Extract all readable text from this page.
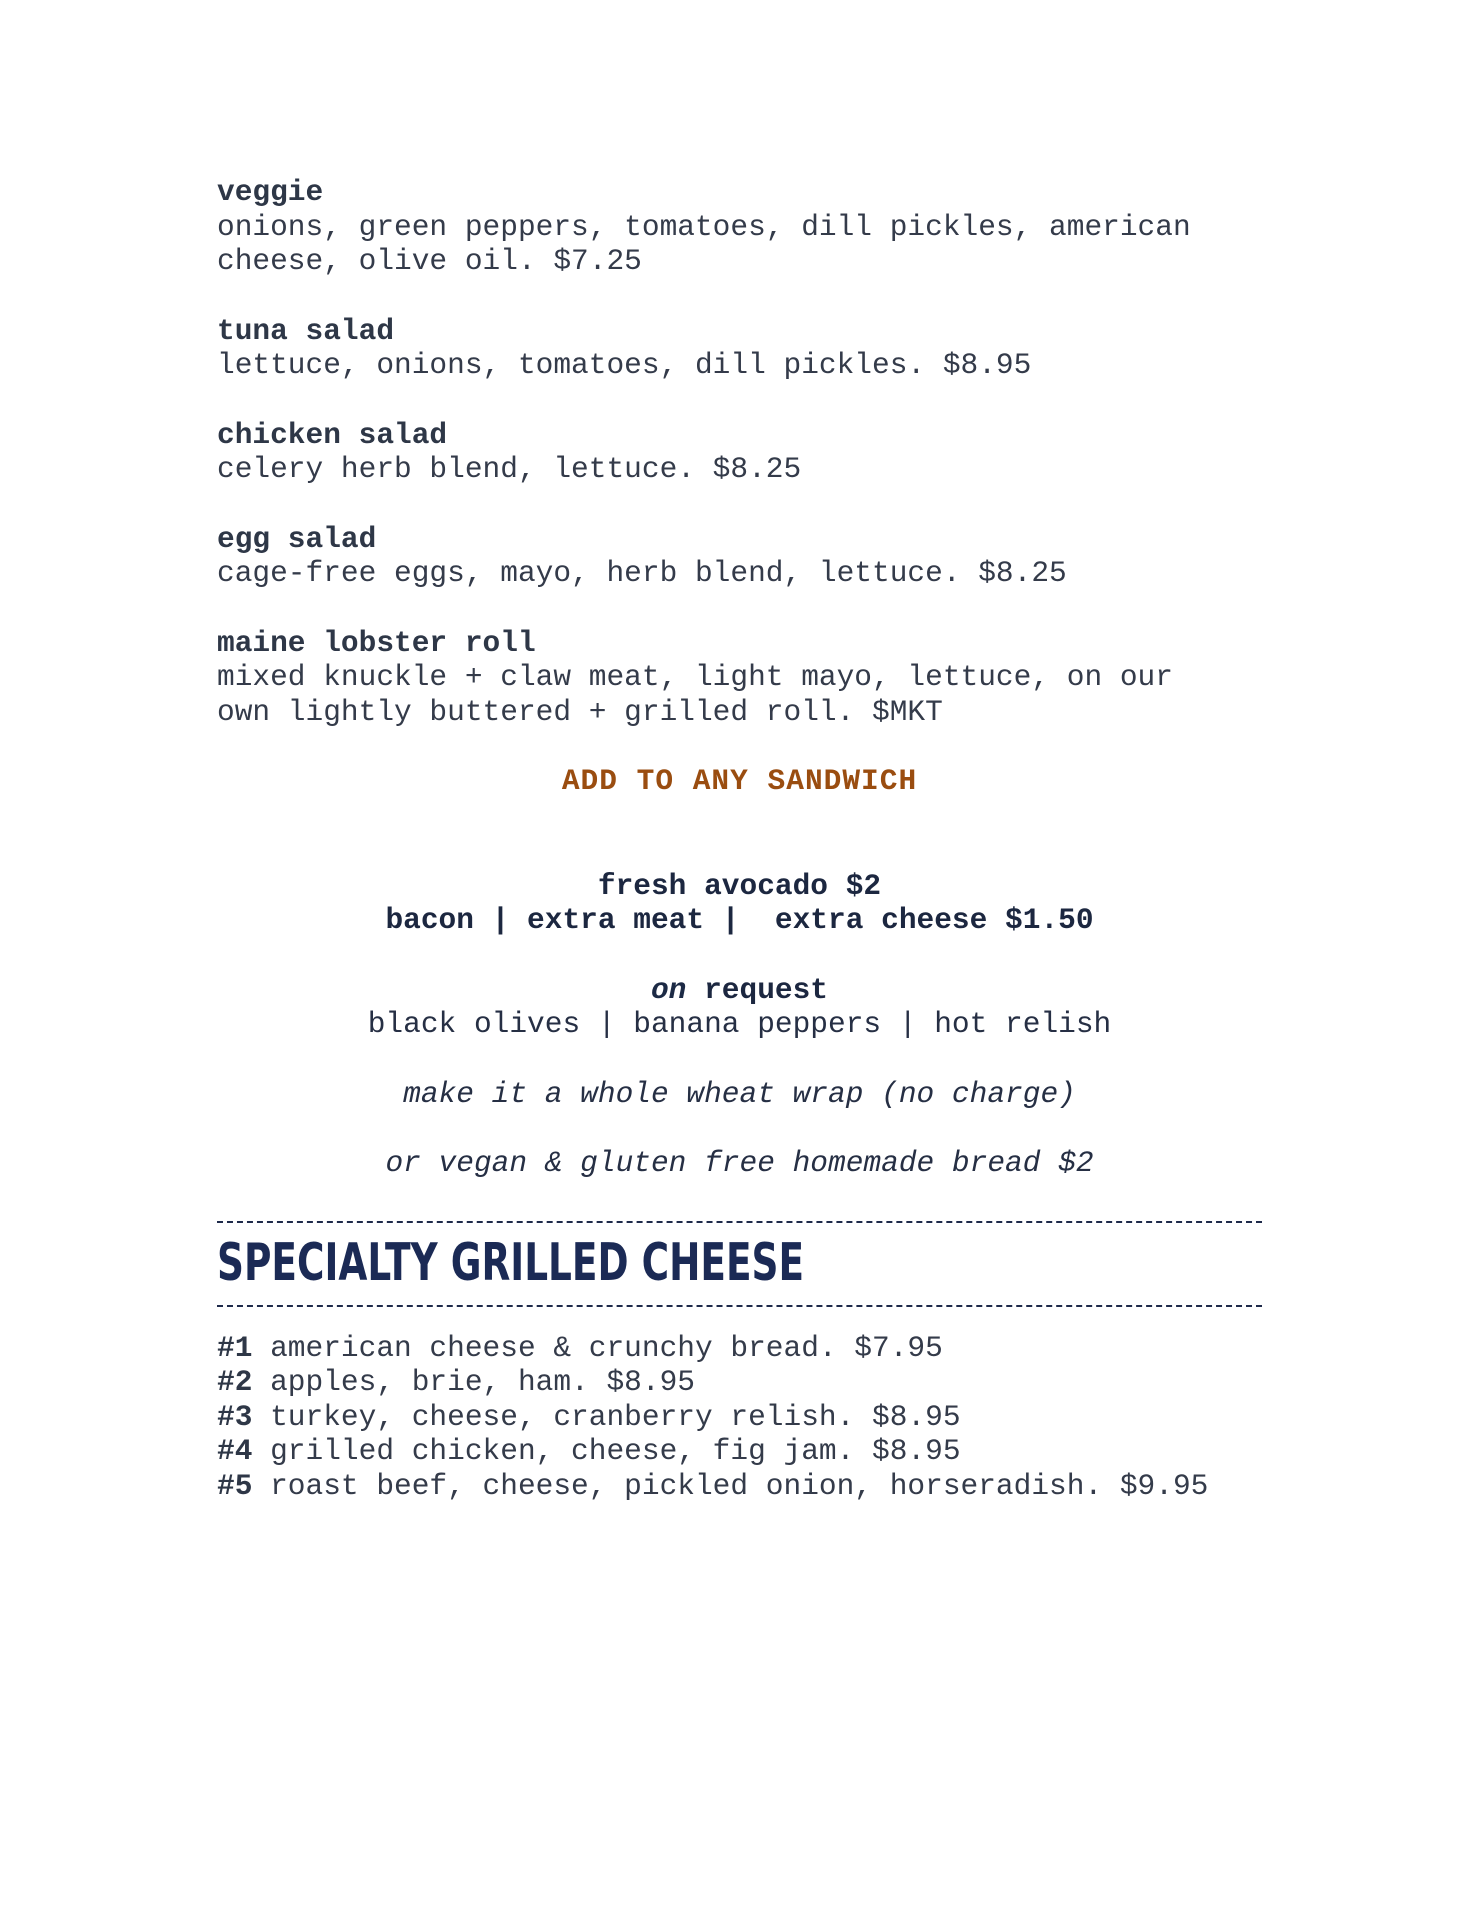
veggie
onions, green peppers, tomatoes, dill pickles, american
cheese, olive oil. $7.25
tuna salad
lettuce, onions, tomatoes, dill pickles. $8.95
chicken salad
celery herb blend, lettuce. $8.25
egg salad
cage-free eggs, mayo, herb blend, lettuce. $8.25
maine lobster roll
mixed knuckle + claw meat, light mayo, lettuce, on our
own lightly buttered + grilled roll. $MKT
ADD TO ANY SANDWICH
fresh avocado $2
bacon | extra meat |  extra cheese $1.50
on request
black olives | banana peppers | hot relish
make it a whole wheat wrap (no charge)
or vegan & gluten free homemade bread $2
SPECIALTY GRILLED CHEESE
#1 american cheese & crunchy bread. $7.95
#2 apples, brie, ham. $8.95
#3 turkey, cheese, cranberry relish. $8.95
#4 grilled chicken, cheese, fig jam. $8.95
#5 roast beef, cheese, pickled onion, horseradish. $9.95
